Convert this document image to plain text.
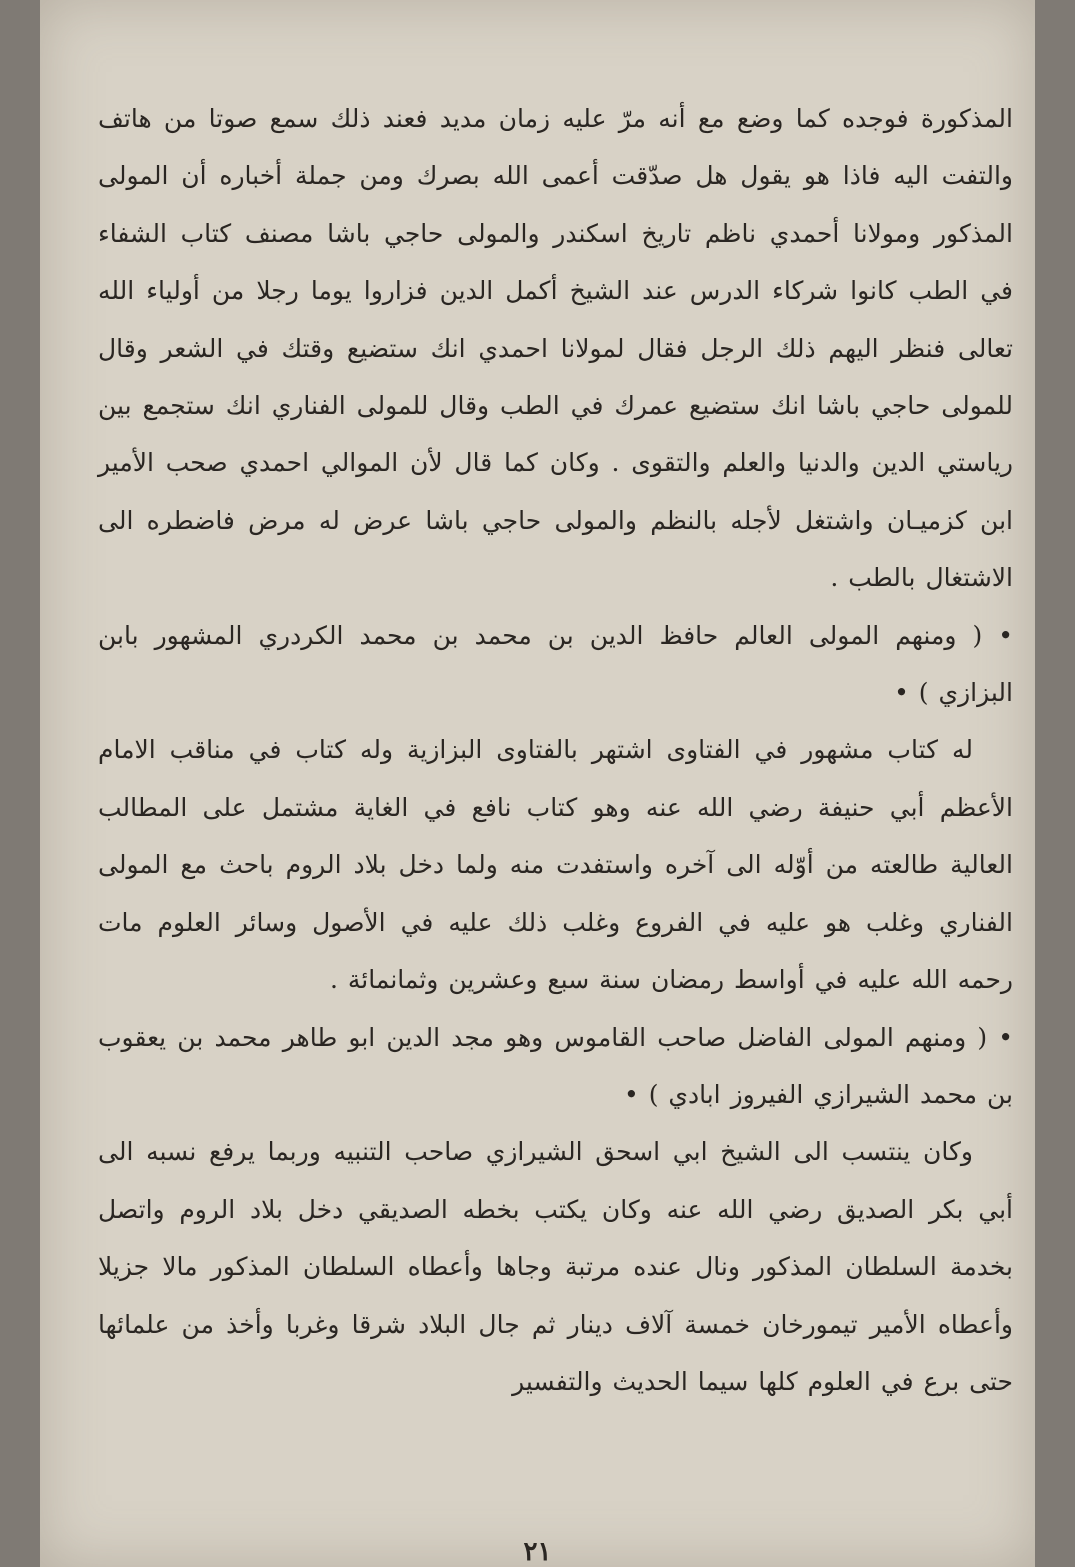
المذكورة فوجده كما وضع مع أنه مرّ عليه زمان مديد فعند ذلك سمع صوتا من هاتف والتفت اليه فاذا هو يقول هل صدّقت أعمى الله بصرك ومن جملة أخباره أن المولى المذكور ومولانا أحمدي ناظم تاريخ اسكندر والمولى حاجي باشا مصنف كتاب الشفاء في الطب كانوا شركاء الدرس عند الشيخ أكمل الدين فزاروا يوما رجلا من أولياء الله تعالى فنظر اليهم ذلك الرجل فقال لمولانا احمدي انك ستضيع وقتك في الشعر وقال للمولى حاجي باشا انك ستضيع عمرك في الطب وقال للمولى الفناري انك ستجمع بين رياستي الدين والدنيا والعلم والتقوى . وكان كما قال لأن الموالي احمدي صحب الأمير ابن كزميـان واشتغل لأجله بالنظم والمولى حاجي باشا عرض له مرض فاضطره الى الاشتغال بالطب .

• ( ومنهم المولى العالم حافظ الدين بن محمد بن محمد الكردري المشهور بابن البزازي ) •

له كتاب مشهور في الفتاوى اشتهر بالفتاوى البزازية وله كتاب في مناقب الامام الأعظم أبي حنيفة رضي الله عنه وهو كتاب نافع في الغاية مشتمل على المطالب العالية طالعته من أوّله الى آخره واستفدت منه ولما دخل بلاد الروم باحث مع المولى الفناري وغلب هو عليه في الفروع وغلب ذلك عليه في الأصول وسائر العلوم مات رحمه الله عليه في أواسط رمضان سنة سبع وعشرين وثمانمائة .

• ( ومنهم المولى الفاضل صاحب القاموس وهو مجد الدين ابو طاهر محمد بن يعقوب بن محمد الشيرازي الفيروز ابادي ) •

وكان ينتسب الى الشيخ ابي اسحق الشيرازي صاحب التنبيه وربما يرفع نسبه الى أبي بكر الصديق رضي الله عنه وكان يكتب بخطه الصديقي دخل بلاد الروم واتصل بخدمة السلطان المذكور ونال عنده مرتبة وجاها وأعطاه السلطان المذكور مالا جزيلا وأعطاه الأمير تيمورخان خمسة آلاف دينار ثم جال البلاد شرقا وغربا وأخذ من علمائها حتى برع في العلوم كلها سيما الحديث والتفسير

٢١
